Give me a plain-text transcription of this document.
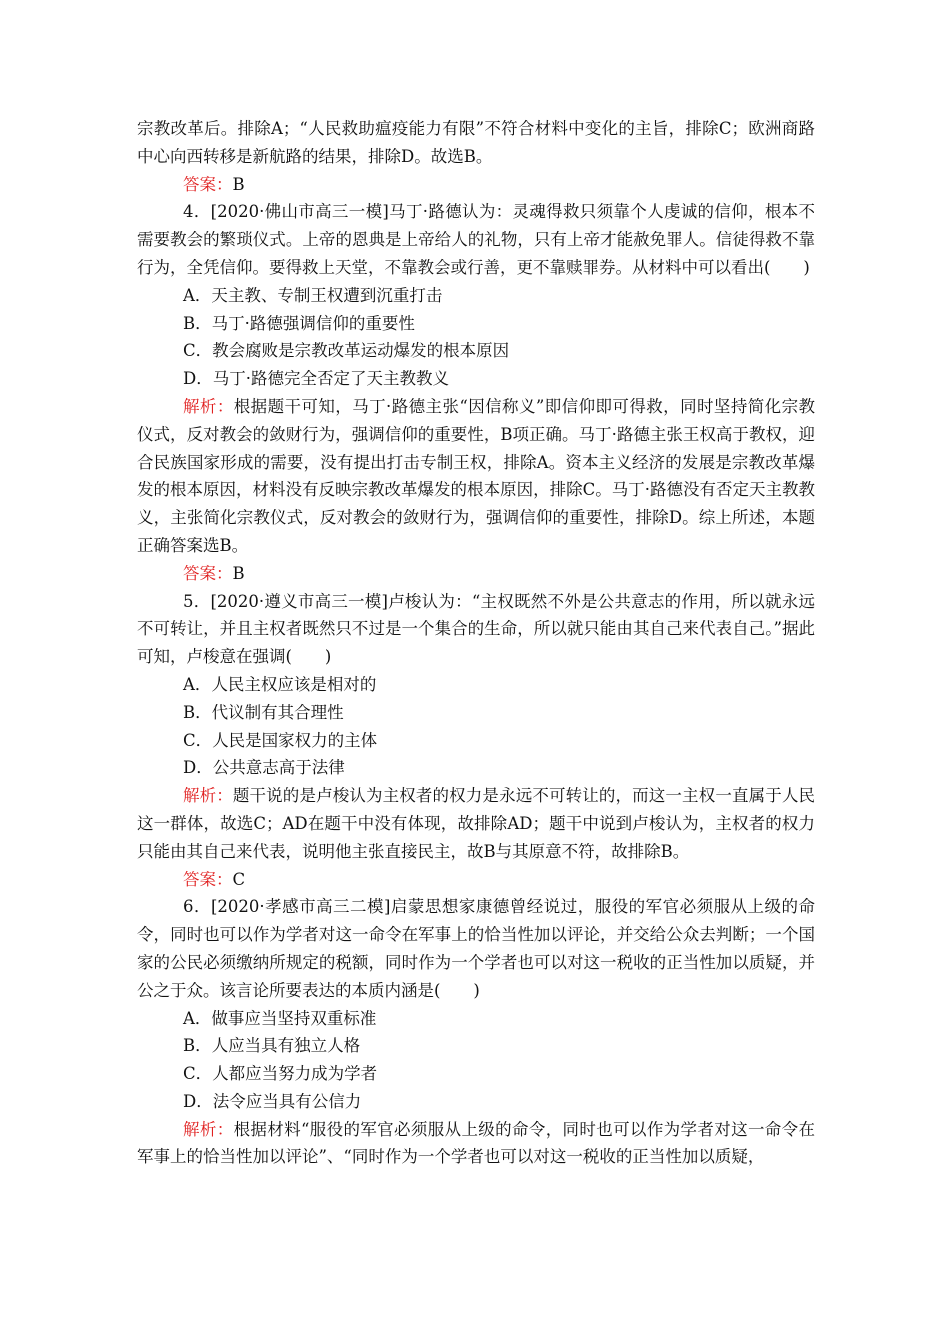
宗教改革后。排除A；“人民救助瘟疫能力有限”不符合材料中变化的主旨，排除C；欧洲商路中心向西转移是新航路的结果，排除D。故选B。

答案：B

4．[2020·佛山市高三一模]马丁·路德认为：灵魂得救只须靠个人虔诚的信仰，根本不需要教会的繁琐仪式。上帝的恩典是上帝给人的礼物，只有上帝才能赦免罪人。信徒得救不靠行为，全凭信仰。要得救上天堂，不靠教会或行善，更不靠赎罪券。从材料中可以看出(　　)

A．天主教、专制王权遭到沉重打击

B．马丁·路德强调信仰的重要性

C．教会腐败是宗教改革运动爆发的根本原因

D．马丁·路德完全否定了天主教教义

解析：根据题干可知，马丁·路德主张“因信称义”即信仰即可得救，同时坚持简化宗教仪式，反对教会的敛财行为，强调信仰的重要性，B项正确。马丁·路德主张王权高于教权，迎合民族国家形成的需要，没有提出打击专制王权，排除A。资本主义经济的发展是宗教改革爆发的根本原因，材料没有反映宗教改革爆发的根本原因，排除C。马丁·路德没有否定天主教教义，主张简化宗教仪式，反对教会的敛财行为，强调信仰的重要性，排除D。综上所述，本题正确答案选B。

答案：B

5．[2020·遵义市高三一模]卢梭认为：“主权既然不外是公共意志的作用，所以就永远不可转让，并且主权者既然只不过是一个集合的生命，所以就只能由其自己来代表自己。”据此可知，卢梭意在强调(　　)

A．人民主权应该是相对的

B．代议制有其合理性

C．人民是国家权力的主体

D．公共意志高于法律

解析：题干说的是卢梭认为主权者的权力是永远不可转让的，而这一主权一直属于人民这一群体，故选C；AD在题干中没有体现，故排除AD；题干中说到卢梭认为，主权者的权力只能由其自己来代表，说明他主张直接民主，故B与其原意不符，故排除B。

答案：C

6．[2020·孝感市高三二模]启蒙思想家康德曾经说过，服役的军官必须服从上级的命令，同时也可以作为学者对这一命令在军事上的恰当性加以评论，并交给公众去判断；一个国家的公民必须缴纳所规定的税额，同时作为一个学者也可以对这一税收的正当性加以质疑，并公之于众。该言论所要表达的本质内涵是(　　)

A．做事应当坚持双重标准

B．人应当具有独立人格

C．人都应当努力成为学者

D．法令应当具有公信力

解析：根据材料“服役的军官必须服从上级的命令，同时也可以作为学者对这一命令在军事上的恰当性加以评论”、“同时作为一个学者也可以对这一税收的正当性加以质疑，
